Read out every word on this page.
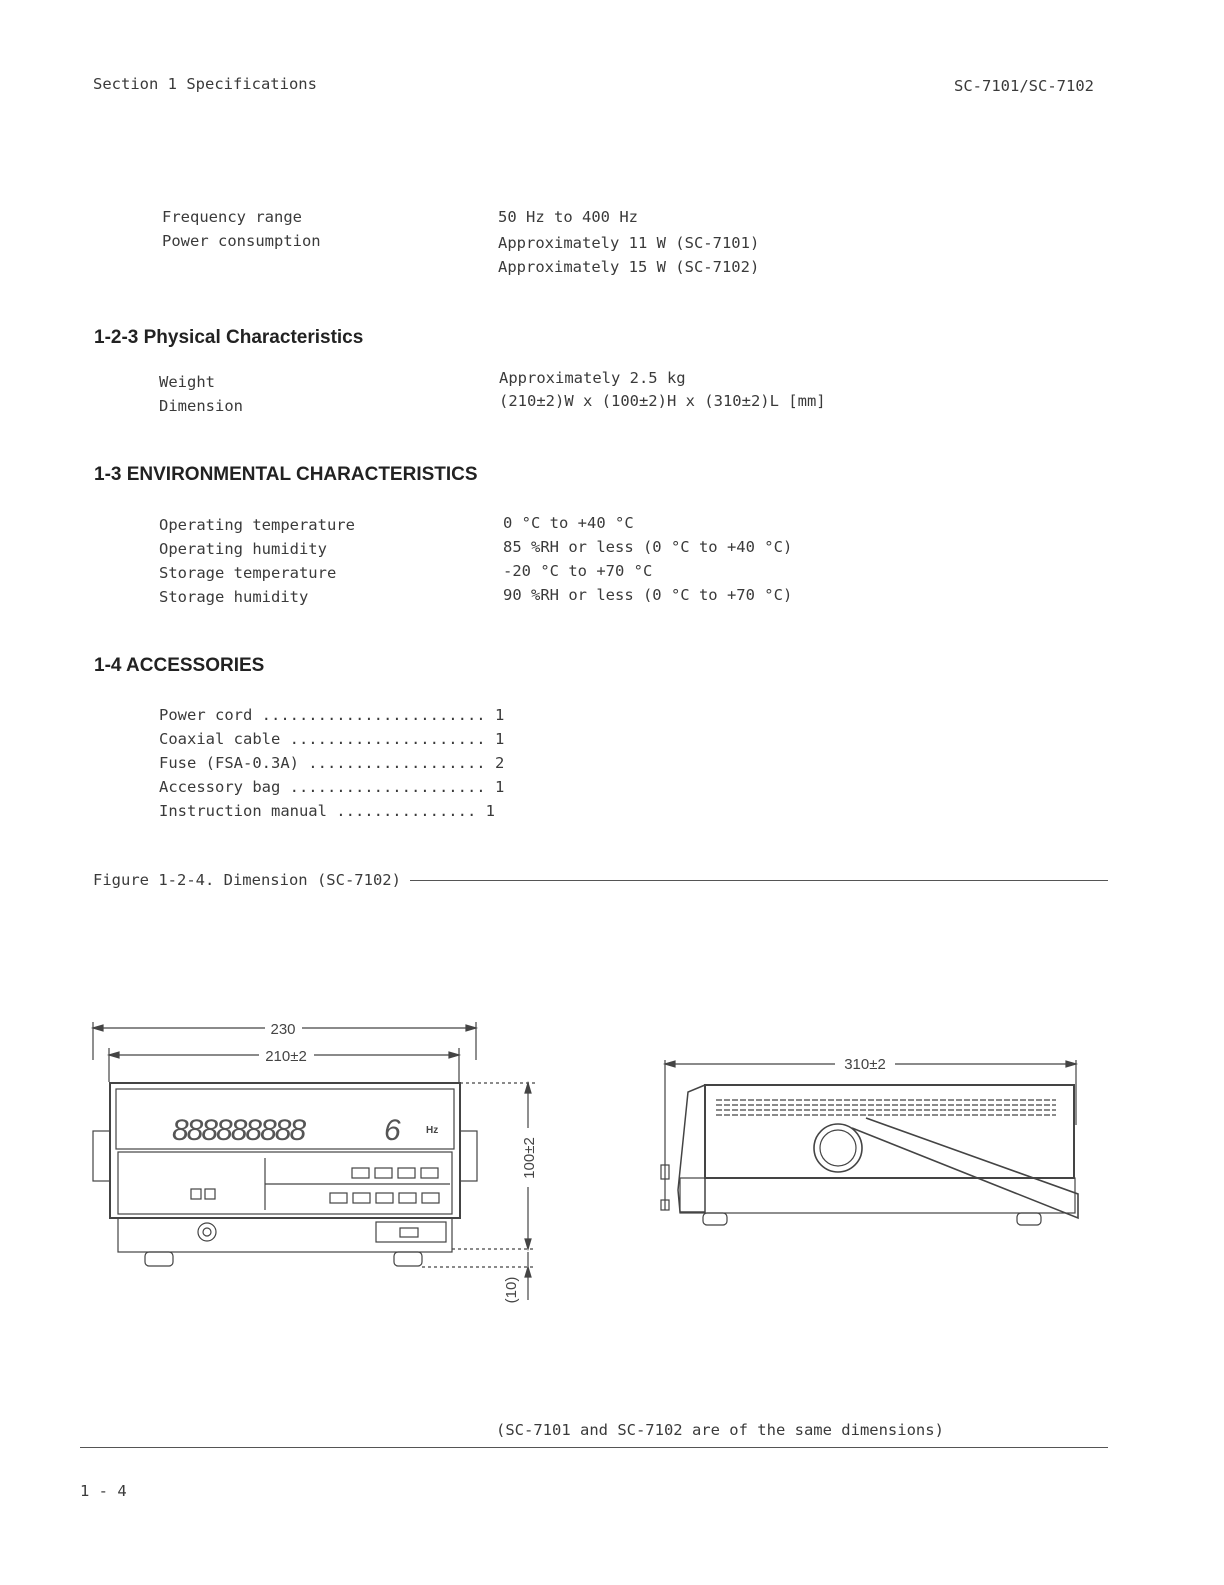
Section 1 Specifications	SC-7101/SC-7102
Frequency range	50 Hz to 400 Hz
Power consumption	Approximately 11 W (SC-7101)
Approximately 15 W (SC-7102)
1-2-3 Physical Characteristics
Weight	Approximately 2.5 kg
Dimension	(210±2)W x (100±2)H x (310±2)L [mm]
1-3 ENVIRONMENTAL CHARACTERISTICS
Operating temperature	0 °C to +40 °C
Operating humidity	85 %RH or less (0 °C to +40 °C)
Storage temperature	-20 °C to +70 °C
Storage humidity	90 %RH or less (0 °C to +70 °C)
1-4 ACCESSORIES
Power cord ........................ 1
Coaxial cable ..................... 1
Fuse (FSA-0.3A) ................... 2
Accessory bag ..................... 1
Instruction manual ............... 1
Figure 1-2-4. Dimension (SC-7102)
230
210±2
100±2
(10)
310±2
888888888	6	Hz
(SC-7101 and SC-7102 are of the same dimensions)
1 - 4
